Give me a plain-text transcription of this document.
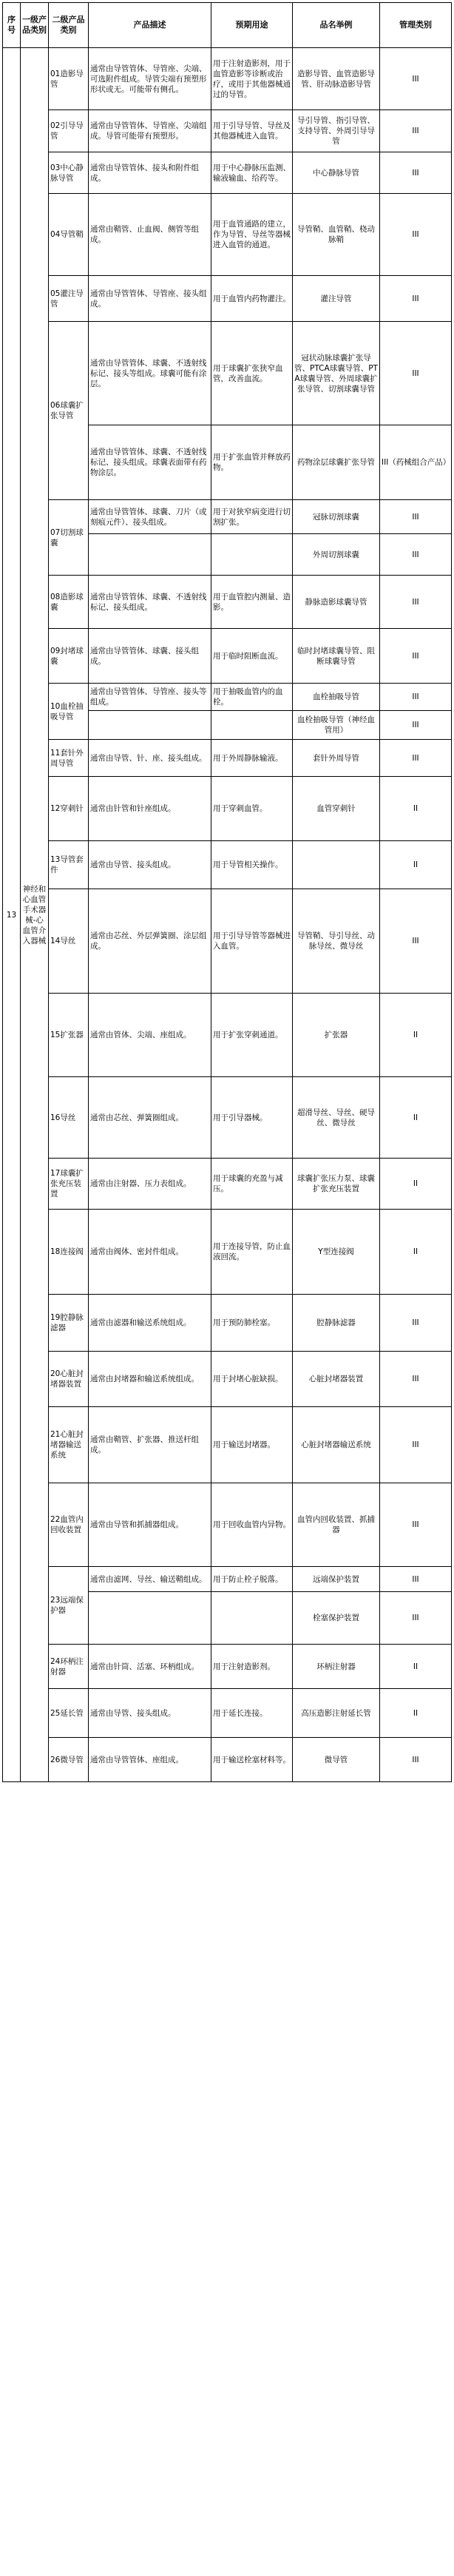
序号	一级产品类别	二级产品类别	产品描述	预期用途	品名举例	管理类别
13	神经和心血管手术器械-心血管介入器械	01造影导管	通常由导管管体、导管座、尖端、可选附件组成。导管尖端有预塑形形状或无。可能带有侧孔。	用于注射造影剂，用于血管造影等诊断或治疗，或用于其他器械通过的导管。	造影导管、血管造影导管、肝动脉造影导管	III
		02引导导管	通常由导管管体、导管座、尖端组成。导管可能带有预塑形。	用于引导导管、导丝及其他器械进入血管。	导引导管、指引导管、支持导管、外周引导导管	III
		03中心静脉导管	通常由导管管体、接头和附件组成。	用于中心静脉压监测、输液输血、给药等。	中心静脉导管	III
		04导管鞘	通常由鞘管、止血阀、侧管等组成。	用于血管通路的建立，作为导管、导丝等器械进入血管的通道。	导管鞘、血管鞘、桡动脉鞘	III
		05灌注导管	通常由导管管体、导管座、接头组成。	用于血管内药物灌注。	灌注导管	III
		06球囊扩张导管	通常由导管管体、球囊、不透射线标记、接头等组成。球囊可能有涂层。	用于球囊扩张狭窄血管，改善血流。	冠状动脉球囊扩张导管、PTCA球囊导管、PTA球囊导管、外周球囊扩张导管、切割球囊导管	III
			通常由导管管体、球囊、不透射线标记、接头组成。球囊表面带有药物涂层。	用于扩张血管并释放药物。	药物涂层球囊扩张导管	III（药械组合产品）
		07切割球囊	通常由导管管体、球囊、刀片（或刻痕元件）、接头组成。	用于对狭窄病变进行切割扩张。	冠脉切割球囊	III
					外周切割球囊	III
		08造影球囊	通常由导管管体、球囊、不透射线标记、接头组成。	用于血管腔内测量、造影。	静脉造影球囊导管	III
		09封堵球囊	通常由导管管体、球囊、接头组成。	用于临时阻断血流。	临时封堵球囊导管、阻断球囊导管	III
		10血栓抽吸导管	通常由导管管体、导管座、接头等组成。	用于抽吸血管内的血栓。	血栓抽吸导管	III
					血栓抽吸导管（神经血管用）	III
		11套针外周导管	通常由导管、针、座、接头组成。	用于外周静脉输液。	套针外周导管	III
		12穿刺针	通常由针管和针座组成。	用于穿刺血管。	血管穿刺针	II
		13导管套件	通常由导管、接头组成。	用于导管相关操作。		II
		14导丝	通常由芯丝、外层弹簧圈、涂层组成。	用于引导导管等器械进入血管。	导管鞘、导引导丝、动脉导丝、微导丝	III
		15扩张器	通常由管体、尖端、座组成。	用于扩张穿刺通道。	扩张器	II
		16导丝	通常由芯丝、弹簧圈组成。	用于引导器械。	超滑导丝、导丝、硬导丝、微导丝	II
		17球囊扩张充压装置	通常由注射器、压力表组成。	用于球囊的充盈与减压。	球囊扩张压力泵、球囊扩张充压装置	II
		18连接阀	通常由阀体、密封件组成。	用于连接导管，防止血液回流。	Y型连接阀	II
		19腔静脉滤器	通常由滤器和输送系统组成。	用于预防肺栓塞。	腔静脉滤器	III
		20心脏封堵器装置	通常由封堵器和输送系统组成。	用于封堵心脏缺损。	心脏封堵器装置	III
		21心脏封堵器输送系统	通常由鞘管、扩张器、推送杆组成。	用于输送封堵器。	心脏封堵器输送系统	III
		22血管内回收装置	通常由导管和抓捕器组成。	用于回收血管内异物。	血管内回收装置、抓捕器	III
		23远端保护器	通常由滤网、导丝、输送鞘组成。	用于防止栓子脱落。	远端保护装置	III
					栓塞保护装置	III
		24环柄注射器	通常由针筒、活塞、环柄组成。	用于注射造影剂。	环柄注射器	II
		25延长管	通常由导管、接头组成。	用于延长连接。	高压造影注射延长管	II
		26微导管	通常由导管管体、座组成。	用于输送栓塞材料等。	微导管	III
